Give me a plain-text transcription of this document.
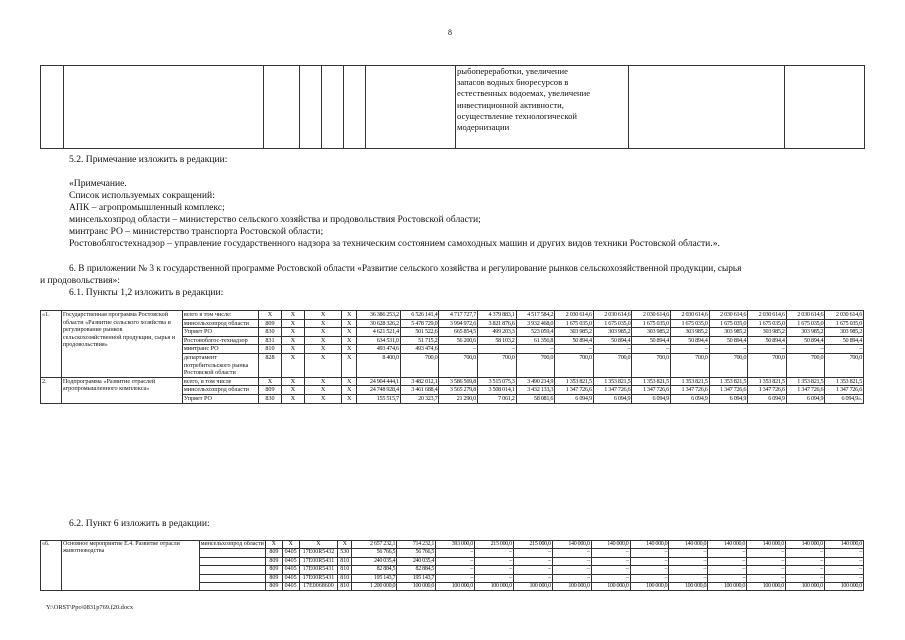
8

рыбопереработки, увеличение
запасов водных биоресурсов в
естественных водоемах, увеличение
инвестиционной активности,
осуществление технологической
модернизации

5.2. Примечание изложить в редакции:
«Примечание.
Список используемых сокращений:
АПК – агропромышленный комплекс;
минсельхозпрод области – министерство сельского хозяйства и продовольствия Ростовской области;
минтранс РО – министерство транспорта Ростовской области;
Ростовоблгостехнадзор – управление государственного надзора за техническим состоянием самоходных машин и других видов техники Ростовской области.».
6. В приложении № 3 к государственной программе Ростовской области «Развитие сельского хозяйства и регулирование рынков сельскохозяйственной продукции, сырья
и продовольствия»:
6.1. Пункты 1,2 изложить в редакции:
«1.	Государственная программа Ростовской области «Развитие сельского хозяйства и регулирование рынков сельскохозяйственной продукции, сырья и продовольствия»	всего в том числе:	X	X	X	X	36 386 253,2	6 526 141,4	4 717 727,7	4 379 883,1	4 517 584,2	2 030 614,6	2 030 614,6	2 030 614,6	2 030 614,6	2 030 614,6	2 030 614,6	2 030 614,6	2 030 614,6
		минсельхозпрод области	809	X	X	X	30 628 326,2	5 478 729,0	3 994 972,6	3 821 876,6	3 932 468,0	1 675 035,0	1 675 035,0	1 675 035,0	1 675 035,0	1 675 035,0	1 675 035,0	1 675 035,0	1 675 035,0
		Упрвет РО	830	X	X	X	4 621 521,4	501 522,6	665 854,5	499 203,3	523 059,4	303 985,2	303 985,2	303 985,2	303 985,2	303 985,2	303 985,2	303 985,2	303 985,2
		Ростовоблгос-технадзор	831	X	X	X	634 531,0	51 715,2	56 200,6	58 103,2	61 356,8	50 894,4	50 894,4	50 894,4	50 894,4	50 894,4	50 894,4	50 894,4	50 894,4
		минтранс РО	810	X	X	X	493 474,6	493 474,6	–	–	–	–	–	–	–	–	–	–	–
		департамент потребительского рынка Ростовской области	828	X	X	X	8 400,0	700,0	700,0	700,0	700,0	700,0	700,0	700,0	700,0	700,0	700,0	700,0	700,0
2.	Подпрограмма «Развитие отраслей агропромышленного комплекса»	всего, в том числе	X	X	X	X	24 904 444,1	3 482 012,1	3 586 569,8	3 515 075,3	3 490 214,9	1 353 821,5	1 353 821,5	1 353 821,5	1 353 821,5	1 353 821,5	1 353 821,5	1 353 821,5	1 353 821,5
		минсельхозпрод области	809	X	X	X	24 748 928,4	3 461 688,4	3 565 279,8	3 508 014,1	3 432 133,3	1 347 726,6	1 347 726,6	1 347 726,6	1 347 726,6	1 347 726,6	1 347 726,6	1 347 726,6	1 347 726,6
		Упрвет РО	830	X	X	X	155 515,7	20 323,7	21 290,0	7 061,2	58 081,6	6 094,9	6 094,9	6 094,9	6 094,9	6 094,9	6 094,9	6 094,9	6 094,9».
6.2. Пункт 6 изложить в редакции:
«6.	Основное мероприятие Е.4. Развитие отрасли животноводства	минсельхозпрод области	X	X	X	X	2 657 232,1	714 232,1	393 000,0	215 000,0	215 000,0	140 000,0	140 000,0	140 000,0	140 000,0	140 000,0	140 000,0	140 000,0	140 000,0
			809	0405	17Е00R5432	530	56 766,5	56 766,5	–	–	–	–	–	–	–	–	–	–	–
			809	0405	17Е00R5431	810	240 035,4	240 035,4	–	–	–	–	–	–	–	–	–	–	–
			809	0405	17Е00R5431	810	82 884,5	82 884,5	–	–	–	–	–	–	–	–	–	–	–
			809	0405	17Е00R5431	810	195 143,7	195 143,7	–	–	–	–	–	–	–	–	–	–	–
			809	0405	17Е0068600	810	1 200 000,0	100 000,0	100 000,0	100 000,0	100 000,0	100 000,0	100 000,0	100 000,0	100 000,0	100 000,0	100 000,0	100 000,0	100 000,0
Y:\ORST\Ppo\0831p769.f20.docx
